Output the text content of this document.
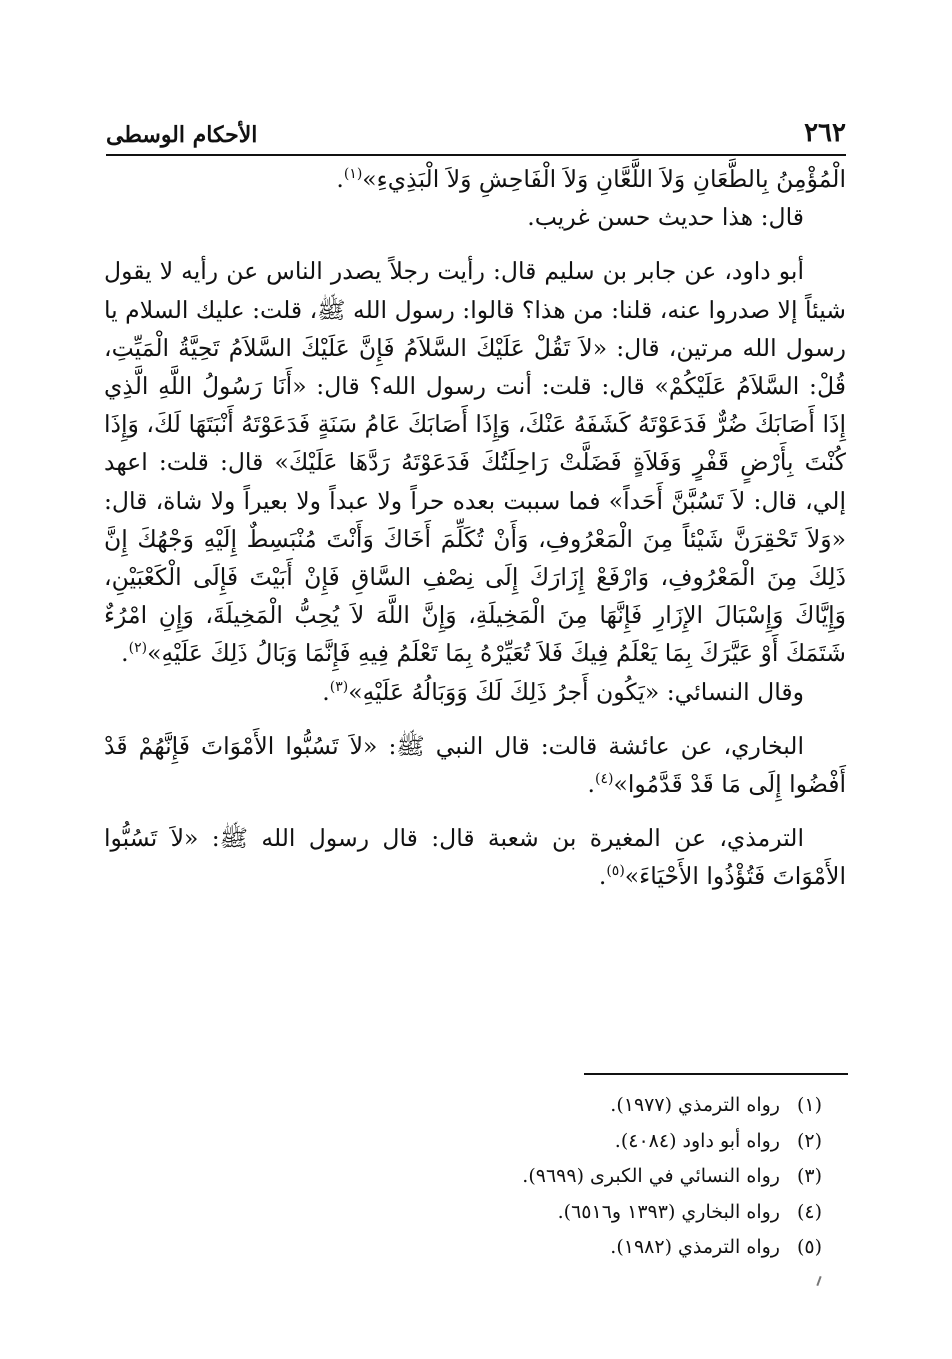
٢٦٢
الأحكام الوسطى

الْمُؤْمِنُ بِالطَّعَانِ وَلاَ اللَّعَّانِ وَلاَ الْفَاحِشِ وَلاَ الْبَذِيءِ»$^{(١)}$.

قال: هذا حديث حسن غريب.

أبو داود، عن جابر بن سليم قال: رأيت رجلاً يصدر الناس عن رأيه لا يقول شيئاً إلا صدروا عنه، قلنا: من هذا؟ قالوا: رسول الله ﷺ، قلت: عليك السلام يا رسول الله مرتين، قال: «لاَ تَقُلْ عَلَيْكَ السَّلاَمُ فَإِنَّ عَلَيْكَ السَّلاَمُ تَحِيَّةُ الْمَيِّتِ، قُلْ: السَّلاَمُ عَلَيْكُمْ» قال: قلت: أنت رسول الله؟ قال: «أَنَا رَسُولُ اللَّهِ الَّذِي إِذَا أَصَابَكَ ضُرٌّ فَدَعَوْتَهُ كَشَفَهُ عَنْكَ، وَإِذَا أَصَابَكَ عَامُ سَنَةٍ فَدَعَوْتَهُ أَنْبَتَهَا لَكَ، وَإِذَا كُنْتَ بِأَرْضٍ قَفْرٍ وَفَلاَةٍ فَضَلَّتْ رَاحِلَتُكَ فَدَعَوْتَهُ رَدَّهَا عَلَيْكَ» قال: قلت: اعهد إلي، قال: لاَ تَسُبَّنَّ أَحَداً» فما سببت بعده حراً ولا عبداً ولا بعيراً ولا شاة، قال: «وَلاَ تَحْقِرَنَّ شَيْئاً مِنَ الْمَعْرُوفِ، وَأَنْ تُكَلِّمَ أَخَاكَ وَأَنْتَ مُنْبَسِطٌ إِلَيْهِ وَجْهُكَ إِنَّ ذَلِكَ مِنَ الْمَعْرُوفِ، وَارْفَعْ إِزَارَكَ إِلَى نِصْفِ السَّاقِ فَإِنْ أَبَيْتَ فَإِلَى الْكَعْبَيْنِ، وَإِيَّاكَ وَإِسْبَالَ الإِزَارِ فَإِنَّهَا مِنَ الْمَخِيلَةِ، وَإِنَّ اللَّهَ لاَ يُحِبُّ الْمَخِيلَةَ، وَإِنِ امْرُءٌ شَتَمَكَ أَوْ عَيَّرَكَ بِمَا يَعْلَمُ فِيكَ فَلاَ تُعَيِّرْهُ بِمَا تَعْلَمُ فِيهِ فَإِنَّمَا وَبَالُ ذَلِكَ عَلَيْهِ»$^{(٢)}$.

وقال النسائي: «يَكُون أَجرُ ذَلِكَ لَكَ وَوَبَالُهُ عَلَيْهِ»$^{(٣)}$.

البخاري، عن عائشة قالت: قال النبي ﷺ: «لاَ تَسُبُّوا الأَمْوَاتَ فَإِنَّهُمْ قَدْ أَفْضُوا إِلَى مَا قَدْ قَدَّمُوا»$^{(٤)}$.

الترمذي، عن المغيرة بن شعبة قال: قال رسول الله ﷺ: «لاَ تَسُبُّوا الأَمْوَاتَ فَتُؤْذُوا الأَحْيَاءَ»$^{(٥)}$.

(١) رواه الترمذي (١٩٧٧).
(٢) رواه أبو داود (٤٠٨٤).
(٣) رواه النسائي في الكبرى (٩٦٩٩).
(٤) رواه البخاري (١٣٩٣ و٦٥١٦).
(٥) رواه الترمذي (١٩٨٢).
